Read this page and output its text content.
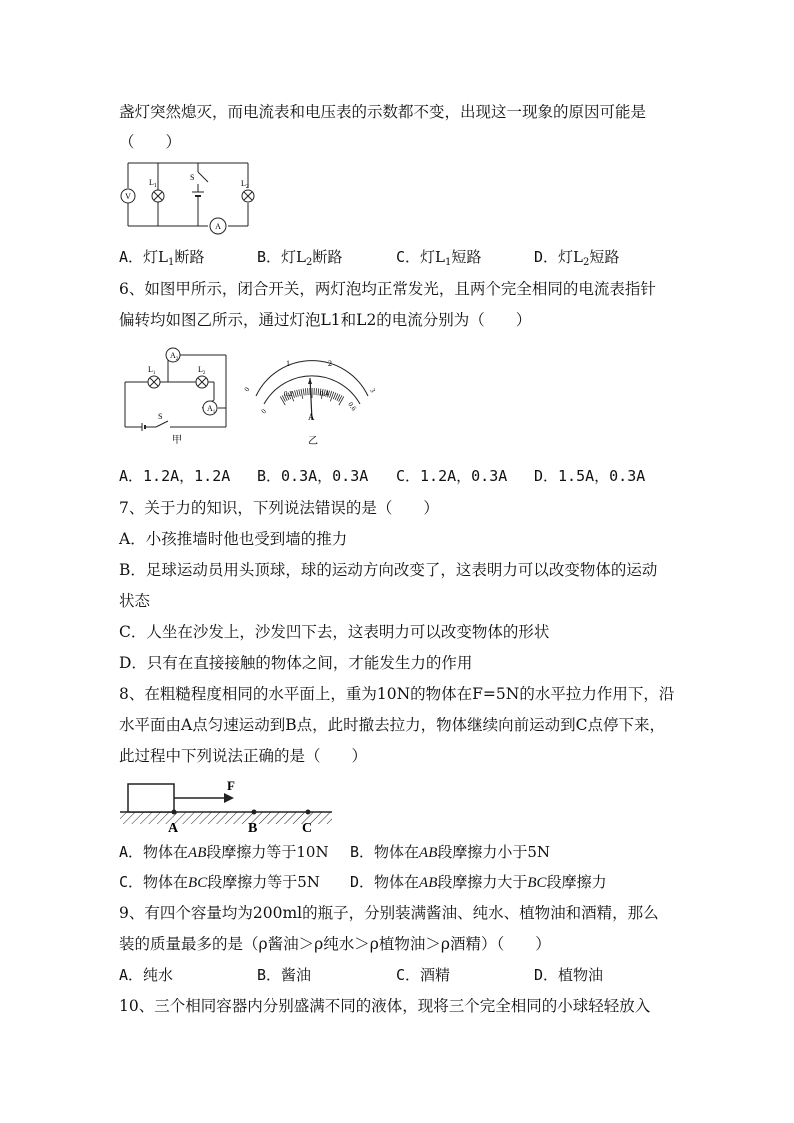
盏灯突然熄灭，而电流表和电压表的示数都不变，出现这一现象的原因可能是
（　　）
V
$L_1$
S
$L_2$
A
A．灯$L_1$断路	B．灯$L_2$断路	C．灯$L_1$短路	D．灯$L_2$短路
6、如图甲所示，闭合开关，两灯泡均正常发光，且两个完全相同的电流表指针
偏转均如图乙所示，通过灯泡L1和L2的电流分别为（　　）
$A_2$
$L_1$	$L_2$
$A_1$
S
甲
0
1	2
3
0
0.2	0.4
0.6
A
乙
A．1.2A，1.2A B．0.3A，0.3A C．1.2A，0.3A D．1.5A，0.3A
7、关于力的知识，下列说法错误的是（　　）
A．小孩推墙时他也受到墙的推力
B．足球运动员用头顶球，球的运动方向改变了，这表明力可以改变物体的运动
状态
C．人坐在沙发上，沙发凹下去，这表明力可以改变物体的形状
D．只有在直接接触的物体之间，才能发生力的作用
8、在粗糙程度相同的水平面上，重为10N的物体在F=5N的水平拉力作用下，沿
水平面由A点匀速运动到B点，此时撤去拉力，物体继续向前运动到C点停下来，
此过程中下列说法正确的是（　　）
F
A	B	C
A．物体在AB段摩擦力等于10N B．物体在AB段摩擦力小于5N
C．物体在BC段摩擦力等于5N D．物体在AB段摩擦力大于BC段摩擦力
9、有四个容量均为200ml的瓶子，分别装满酱油、纯水、植物油和酒精，那么
装的质量最多的是（ρ酱油＞ρ纯水＞ρ植物油＞ρ酒精）（　　）
A．纯水	B．酱油	C．酒精	D．植物油
10、三个相同容器内分别盛满不同的液体，现将三个完全相同的小球轻轻放入
